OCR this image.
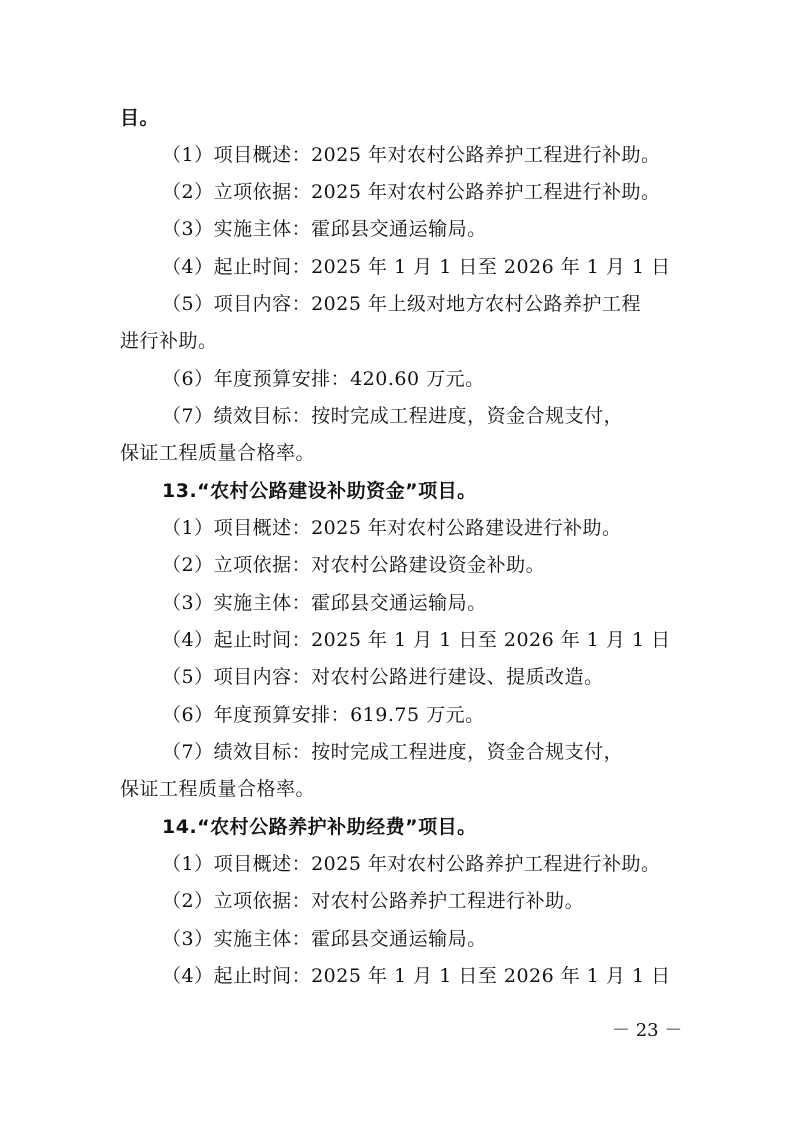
目。
（1）项目概述：2025 年对农村公路养护工程进行补助。
（2）立项依据：2025 年对农村公路养护工程进行补助。
（3）实施主体：霍邱县交通运输局。
（4）起止时间：2025 年 1 月 1 日至 2026 年 1 月 1 日
（5）项目内容：2025 年上级对地方农村公路养护工程
进行补助。
（6）年度预算安排：420.60 万元。
（7）绩效目标：按时完成工程进度，资金合规支付，
保证工程质量合格率。
13.“农村公路建设补助资金”项目。
（1）项目概述：2025 年对农村公路建设进行补助。
（2）立项依据：对农村公路建设资金补助。
（3）实施主体：霍邱县交通运输局。
（4）起止时间：2025 年 1 月 1 日至 2026 年 1 月 1 日
（5）项目内容：对农村公路进行建设、提质改造。
（6）年度预算安排：619.75 万元。
（7）绩效目标：按时完成工程进度，资金合规支付，
保证工程质量合格率。
14.“农村公路养护补助经费”项目。
（1）项目概述：2025 年对农村公路养护工程进行补助。
（2）立项依据：对农村公路养护工程进行补助。
（3）实施主体：霍邱县交通运输局。
（4）起止时间：2025 年 1 月 1 日至 2026 年 1 月 1 日
－ 23 －
